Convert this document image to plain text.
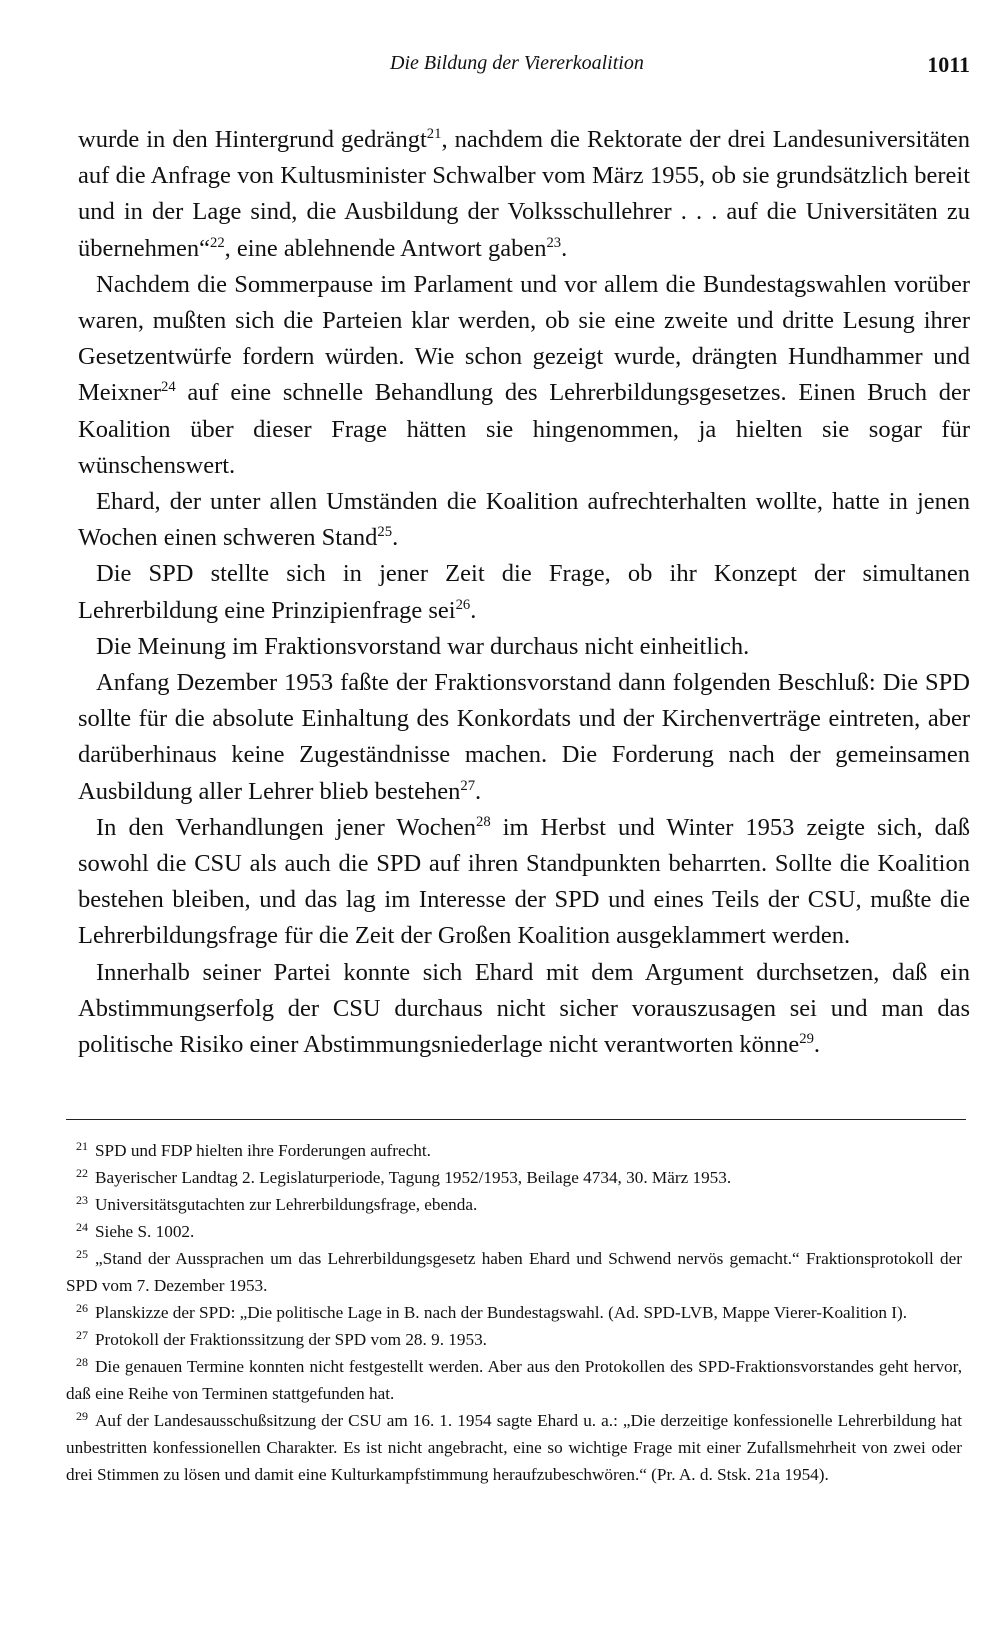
Die Bildung der Viererkoalition	1011

wurde in den Hintergrund gedrängt$^{21}$, nachdem die Rektorate der drei Landesuniversitäten auf die Anfrage von Kultusminister Schwalber vom März 1955, ob sie grundsätzlich bereit und in der Lage sind, die Ausbildung der Volksschullehrer . . . auf die Universitäten zu übernehmen“$^{22}$, eine ablehnende Antwort gaben$^{23}$.

Nachdem die Sommerpause im Parlament und vor allem die Bundestagswahlen vorüber waren, mußten sich die Parteien klar werden, ob sie eine zweite und dritte Lesung ihrer Gesetzentwürfe fordern würden. Wie schon gezeigt wurde, drängten Hundhammer und Meixner$^{24}$ auf eine schnelle Behandlung des Lehrerbildungsgesetzes. Einen Bruch der Koalition über dieser Frage hätten sie hingenommen, ja hielten sie sogar für wünschenswert.

Ehard, der unter allen Umständen die Koalition aufrechterhalten wollte, hatte in jenen Wochen einen schweren Stand$^{25}$.

Die SPD stellte sich in jener Zeit die Frage, ob ihr Konzept der simultanen Lehrerbildung eine Prinzipienfrage sei$^{26}$.

Die Meinung im Fraktionsvorstand war durchaus nicht einheitlich.

Anfang Dezember 1953 faßte der Fraktionsvorstand dann folgenden Beschluß: Die SPD sollte für die absolute Einhaltung des Konkordats und der Kirchenverträge eintreten, aber darüberhinaus keine Zugeständnisse machen. Die Forderung nach der gemeinsamen Ausbildung aller Lehrer blieb bestehen$^{27}$.

In den Verhandlungen jener Wochen$^{28}$ im Herbst und Winter 1953 zeigte sich, daß sowohl die CSU als auch die SPD auf ihren Standpunkten beharrten. Sollte die Koalition bestehen bleiben, und das lag im Interesse der SPD und eines Teils der CSU, mußte die Lehrerbildungsfrage für die Zeit der Großen Koalition ausgeklammert werden.

Innerhalb seiner Partei konnte sich Ehard mit dem Argument durchsetzen, daß ein Abstimmungserfolg der CSU durchaus nicht sicher vorauszusagen sei und man das politische Risiko einer Abstimmungsniederlage nicht verantworten könne$^{29}$.

21 SPD und FDP hielten ihre Forderungen aufrecht.

22 Bayerischer Landtag 2. Legislaturperiode, Tagung 1952/1953, Beilage 4734, 30. März 1953.

23 Universitätsgutachten zur Lehrerbildungsfrage, ebenda.

24 Siehe S. 1002.

25 „Stand der Aussprachen um das Lehrerbildungsgesetz haben Ehard und Schwend nervös gemacht.“ Fraktionsprotokoll der SPD vom 7. Dezember 1953.

26 Planskizze der SPD: „Die politische Lage in B. nach der Bundestagswahl. (Ad. SPD-LVB, Mappe Vierer-Koalition I).

27 Protokoll der Fraktionssitzung der SPD vom 28. 9. 1953.

28 Die genauen Termine konnten nicht festgestellt werden. Aber aus den Protokollen des SPD-Fraktionsvorstandes geht hervor, daß eine Reihe von Terminen stattgefunden hat.

29 Auf der Landesausschußsitzung der CSU am 16. 1. 1954 sagte Ehard u. a.: „Die derzeitige konfessionelle Lehrerbildung hat unbestritten konfessionellen Charakter. Es ist nicht angebracht, eine so wichtige Frage mit einer Zufallsmehrheit von zwei oder drei Stimmen zu lösen und damit eine Kulturkampfstimmung heraufzubeschwören.“ (Pr. A. d. Stsk. 21a 1954).
